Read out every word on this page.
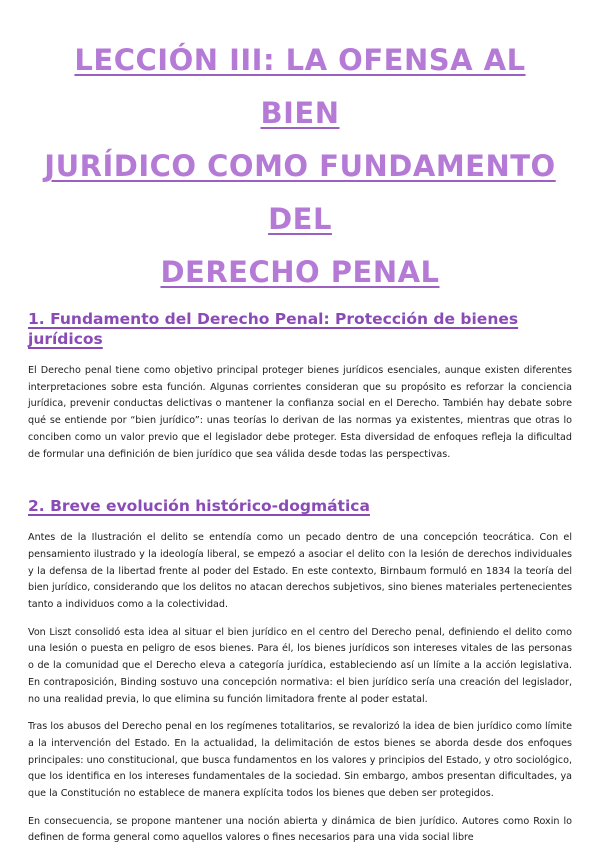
LECCIÓN III: LA OFENSA AL BIEN
JURÍDICO COMO FUNDAMENTO DEL
DERECHO PENAL
1. Fundamento del Derecho Penal: Protección de bienes jurídicos

El Derecho penal tiene como objetivo principal proteger bienes jurídicos esenciales, aunque existen diferentes interpretaciones sobre esta función. Algunas corrientes consideran que su propósito es reforzar la conciencia jurídica, prevenir conductas delictivas o mantener la confianza social en el Derecho. También hay debate sobre qué se entiende por “bien jurídico”: unas teorías lo derivan de las normas ya existentes, mientras que otras lo conciben como un valor previo que el legislador debe proteger. Esta diversidad de enfoques refleja la dificultad de formular una definición de bien jurídico que sea válida desde todas las perspectivas.

2. Breve evolución histórico-dogmática

Antes de la Ilustración el delito se entendía como un pecado dentro de una concepción teocrática. Con el pensamiento ilustrado y la ideología liberal, se empezó a asociar el delito con la lesión de derechos individuales y la defensa de la libertad frente al poder del Estado. En este contexto, Birnbaum formuló en 1834 la teoría del bien jurídico, considerando que los delitos no atacan derechos subjetivos, sino bienes materiales pertenecientes tanto a individuos como a la colectividad.

Von Liszt consolidó esta idea al situar el bien jurídico en el centro del Derecho penal, definiendo el delito como una lesión o puesta en peligro de esos bienes. Para él, los bienes jurídicos son intereses vitales de las personas o de la comunidad que el Derecho eleva a categoría jurídica, estableciendo así un límite a la acción legislativa. En contraposición, Binding sostuvo una concepción normativa: el bien jurídico sería una creación del legislador, no una realidad previa, lo que elimina su función limitadora frente al poder estatal.

Tras los abusos del Derecho penal en los regímenes totalitarios, se revalorizó la idea de bien jurídico como límite a la intervención del Estado. En la actualidad, la delimitación de estos bienes se aborda desde dos enfoques principales: uno constitucional, que busca fundamentos en los valores y principios del Estado, y otro sociológico, que los identifica en los intereses fundamentales de la sociedad. Sin embargo, ambos presentan dificultades, ya que la Constitución no establece de manera explícita todos los bienes que deben ser protegidos.

En consecuencia, se propone mantener una noción abierta y dinámica de bien jurídico. Autores como Roxin lo definen de forma general como aquellos valores o fines necesarios para una vida social libre
